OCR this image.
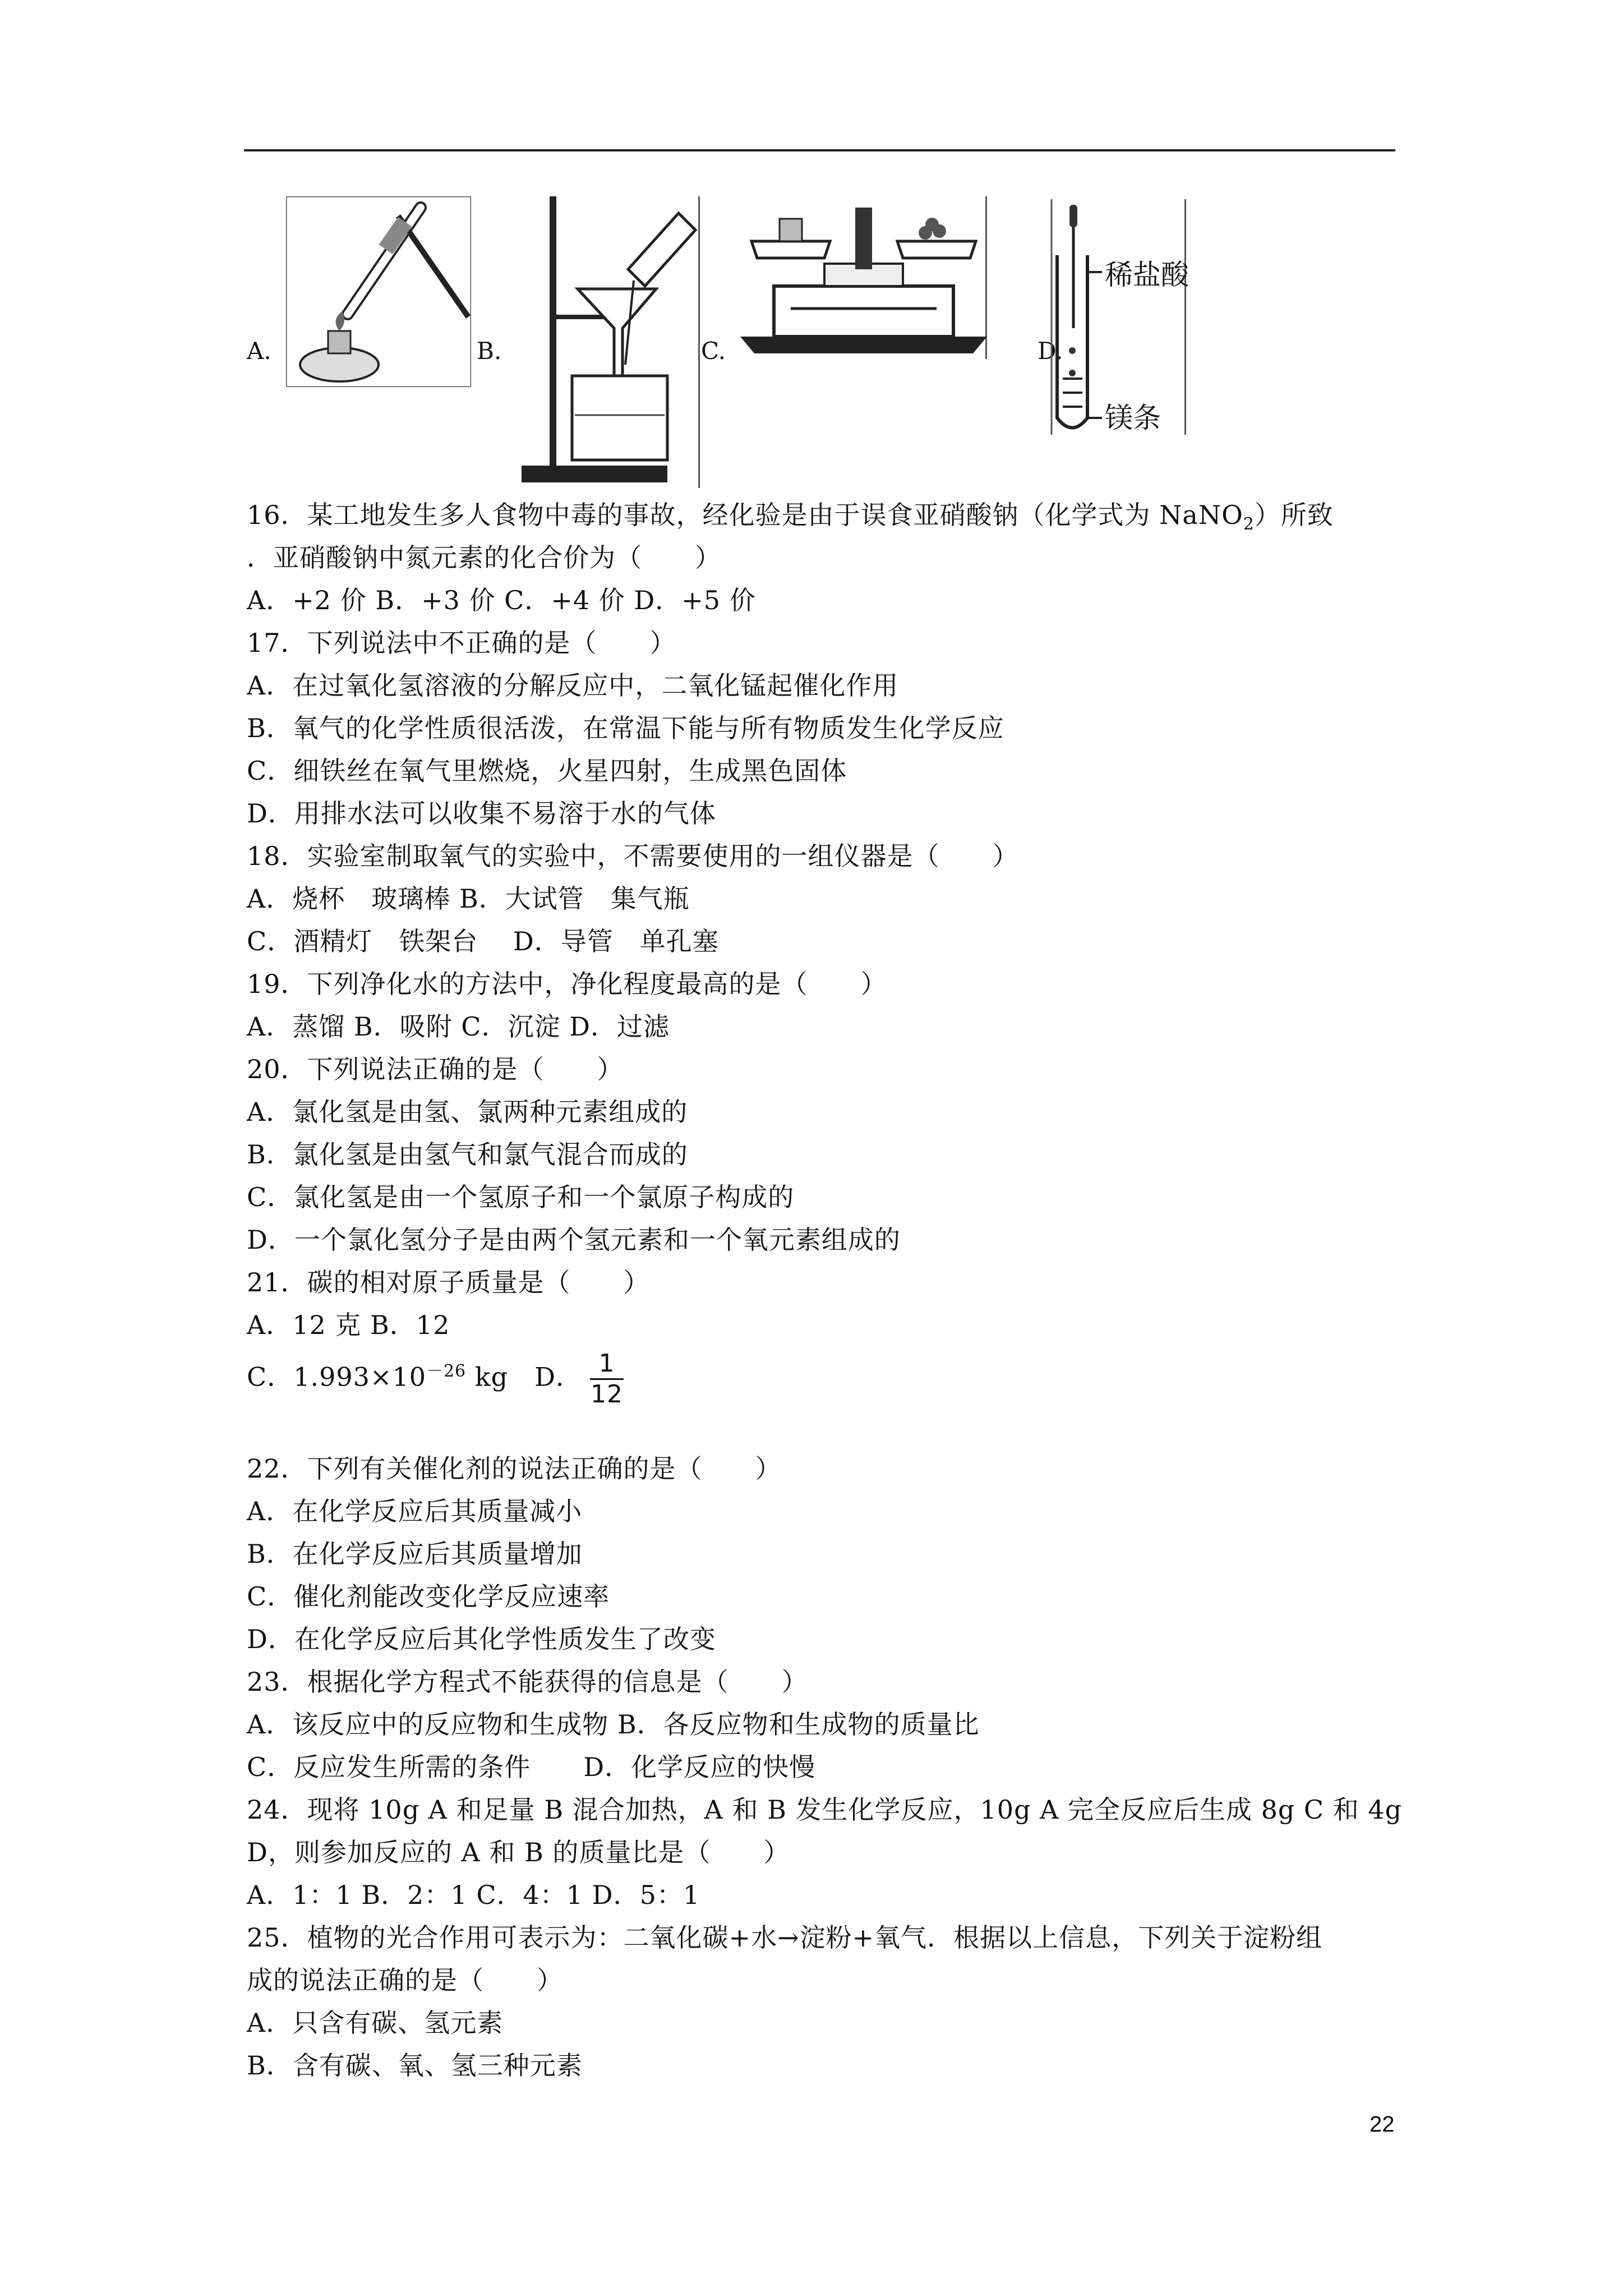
A.	B.	C.	D.
稀盐酸
镁条
16．某工地发生多人食物中毒的事故，经化验是由于误食亚硝酸钠（化学式为 NaNO$_2$）所致
．亚硝酸钠中氮元素的化合价为（　　）
A．+2 价 B．+3 价 C．+4 价 D．+5 价
17．下列说法中不正确的是（　　）
A．在过氧化氢溶液的分解反应中，二氧化锰起催化作用
B．氧气的化学性质很活泼，在常温下能与所有物质发生化学反应
C．细铁丝在氧气里燃烧，火星四射，生成黑色固体
D．用排水法可以收集不易溶于水的气体
18．实验室制取氧气的实验中，不需要使用的一组仪器是（　　）
A．烧杯　玻璃棒 B．大试管　集气瓶
C．酒精灯　铁架台　 D．导管　单孔塞
19．下列净化水的方法中，净化程度最高的是（　　）
A．蒸馏 B．吸附 C．沉淀 D．过滤
20．下列说法正确的是（　　）
A．氯化氢是由氢、氯两种元素组成的
B．氯化氢是由氢气和氯气混合而成的
C．氯化氢是由一个氢原子和一个氯原子构成的
D．一个氯化氢分子是由两个氢元素和一个氧元素组成的
21．碳的相对原子质量是（　　）
A．12 克 B．12
C．$1.993\times 10^{-26}$ kg　D． $\frac{1}{12}$
22．下列有关催化剂的说法正确的是（　　）
A．在化学反应后其质量减小
B．在化学反应后其质量增加
C．催化剂能改变化学反应速率
D．在化学反应后其化学性质发生了改变
23．根据化学方程式不能获得的信息是（　　）
A．该反应中的反应物和生成物 B．各反应物和生成物的质量比
C．反应发生所需的条件　　D．化学反应的快慢
24．现将 10g A 和足量 B 混合加热，A 和 B 发生化学反应，10g A 完全反应后生成 8g C 和 4g
D，则参加反应的 A 和 B 的质量比是（　　）
A．1：1 B．2：1 C．4：1 D．5：1
25．植物的光合作用可表示为：二氧化碳+水→淀粉+氧气．根据以上信息，下列关于淀粉组
成的说法正确的是（　　）
A．只含有碳、氢元素
B．含有碳、氧、氢三种元素
22
